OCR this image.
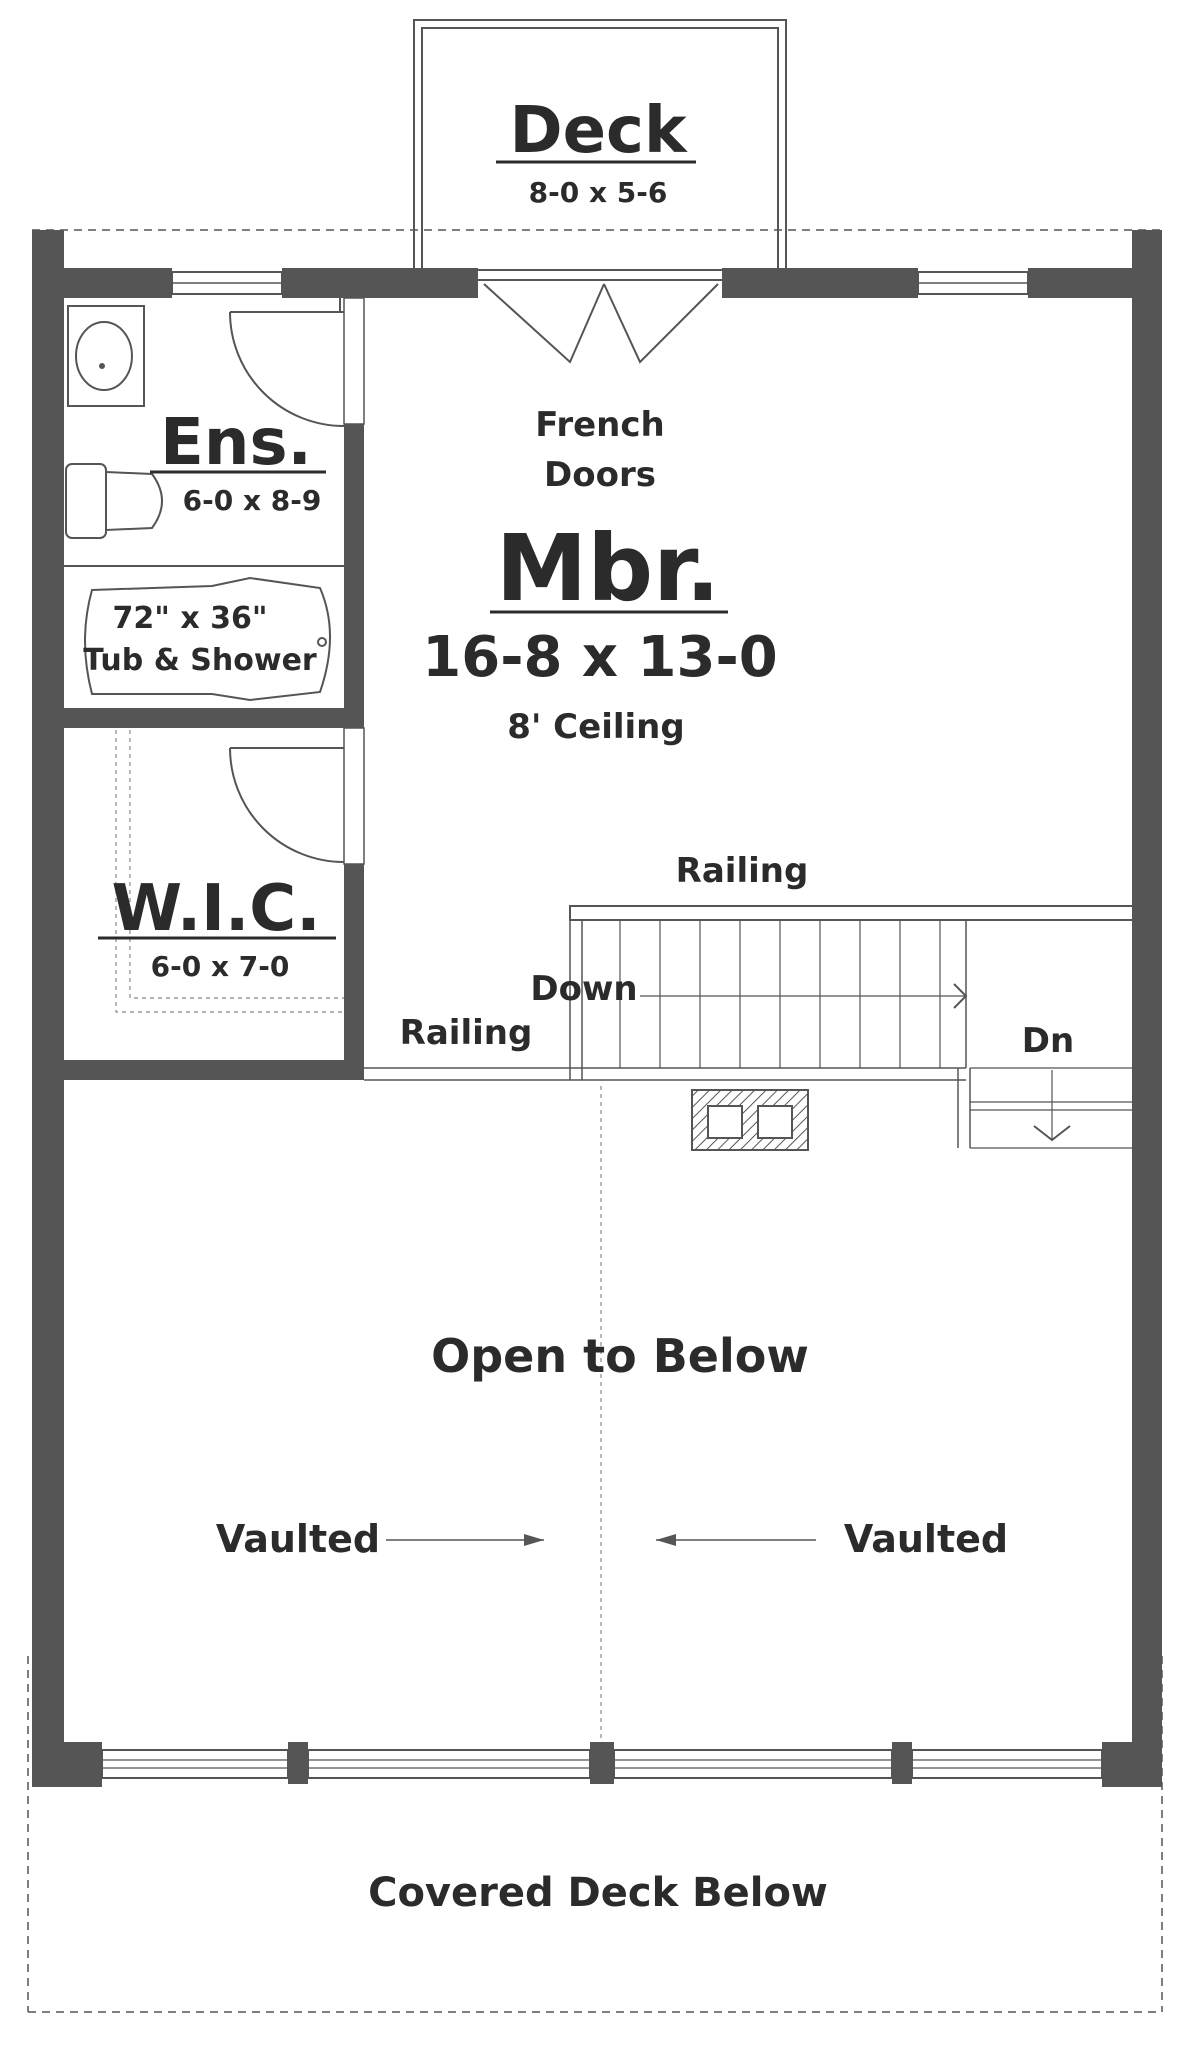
Deck
8-0 x 5-6
French
Doors
Ens.
6-0 x 8-9
72" x 36"
Tub & Shower
Mbr.
16-8 x 13-0
8' Ceiling
W.I.C.
6-0 x 7-0
Railing
Down
Railing	Dn
Open to Below
Vaulted	Vaulted
Covered Deck Below
